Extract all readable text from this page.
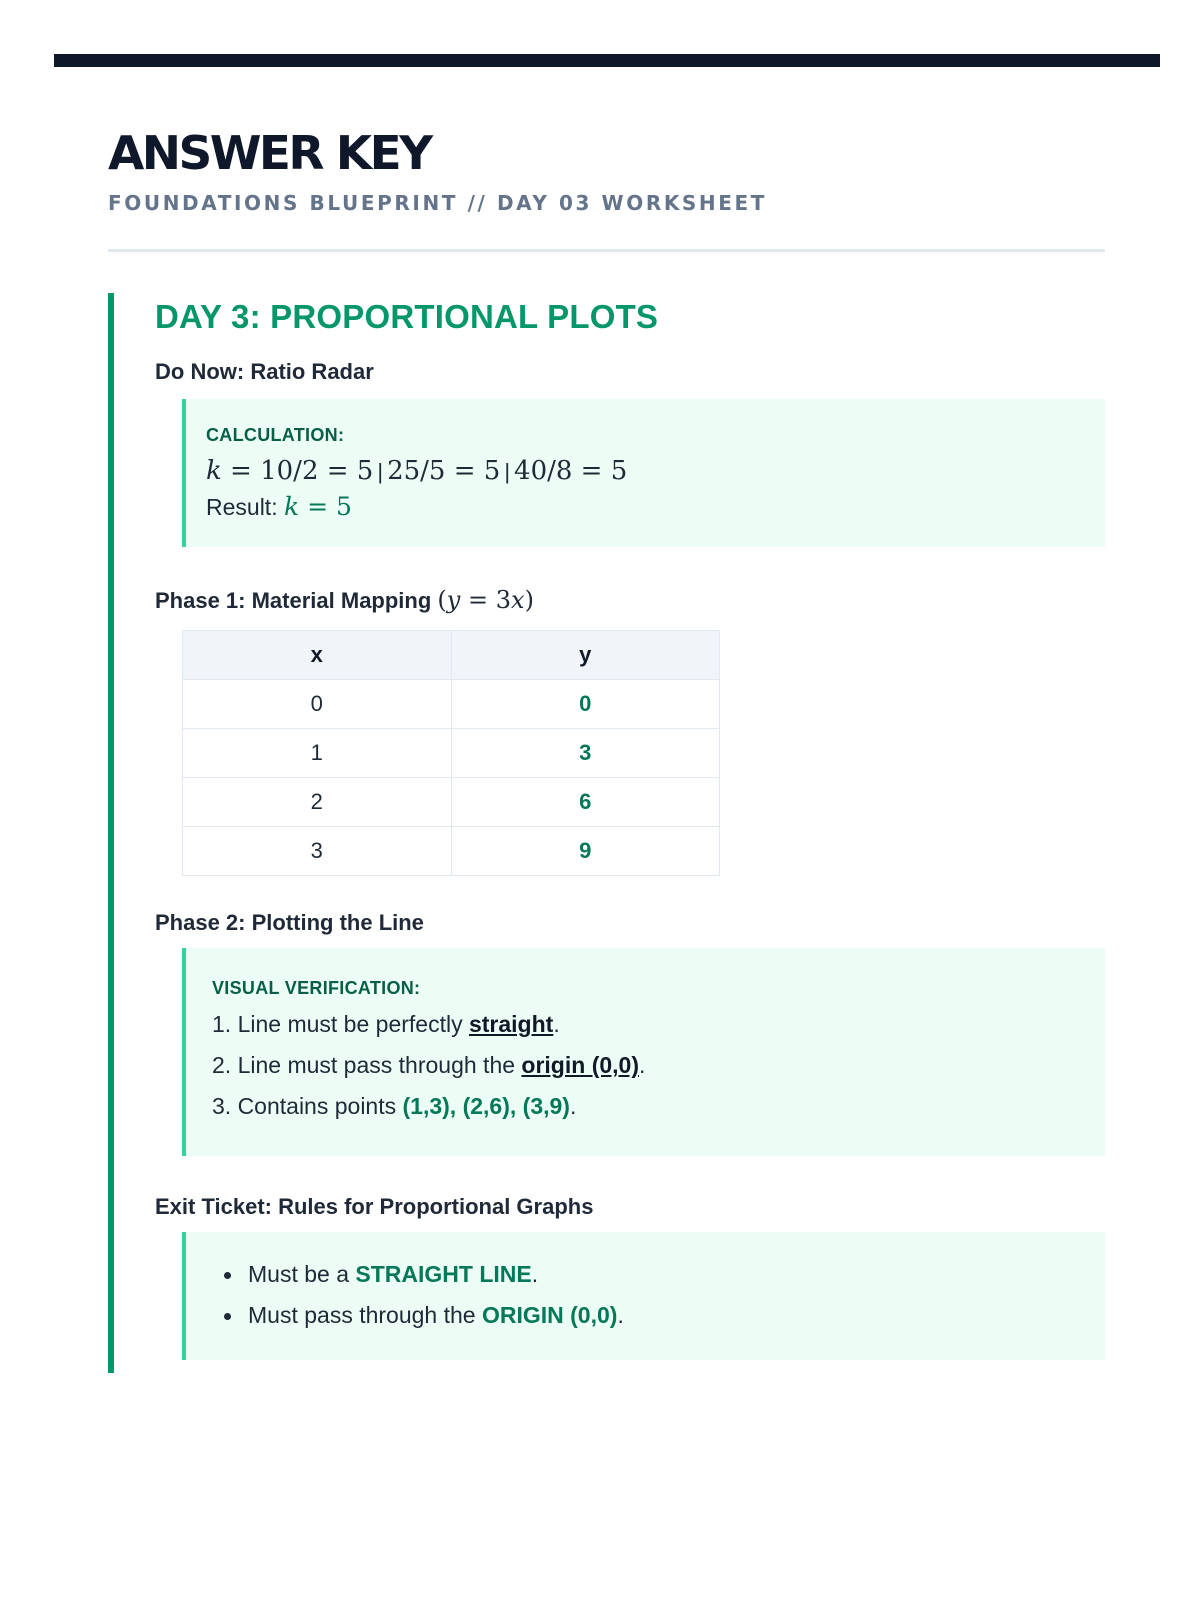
ANSWER KEY
FOUNDATIONS BLUEPRINT // DAY 03 WORKSHEET
DAY 3: PROPORTIONAL PLOTS
Do Now: Ratio Radar
CALCULATION:
k = 10/2 = 5 | 25/5 = 5 | 40/8 = 5
Result: k = 5
Phase 1: Material Mapping (y = 3x)
x	y
0	0
1	3
2	6
3	9
Phase 2: Plotting the Line
VISUAL VERIFICATION:
1. Line must be perfectly straight.
2. Line must pass through the origin (0,0).
3. Contains points (1,3), (2,6), (3,9).
Exit Ticket: Rules for Proportional Graphs
Must be a STRAIGHT LINE.
Must pass through the ORIGIN (0,0).
